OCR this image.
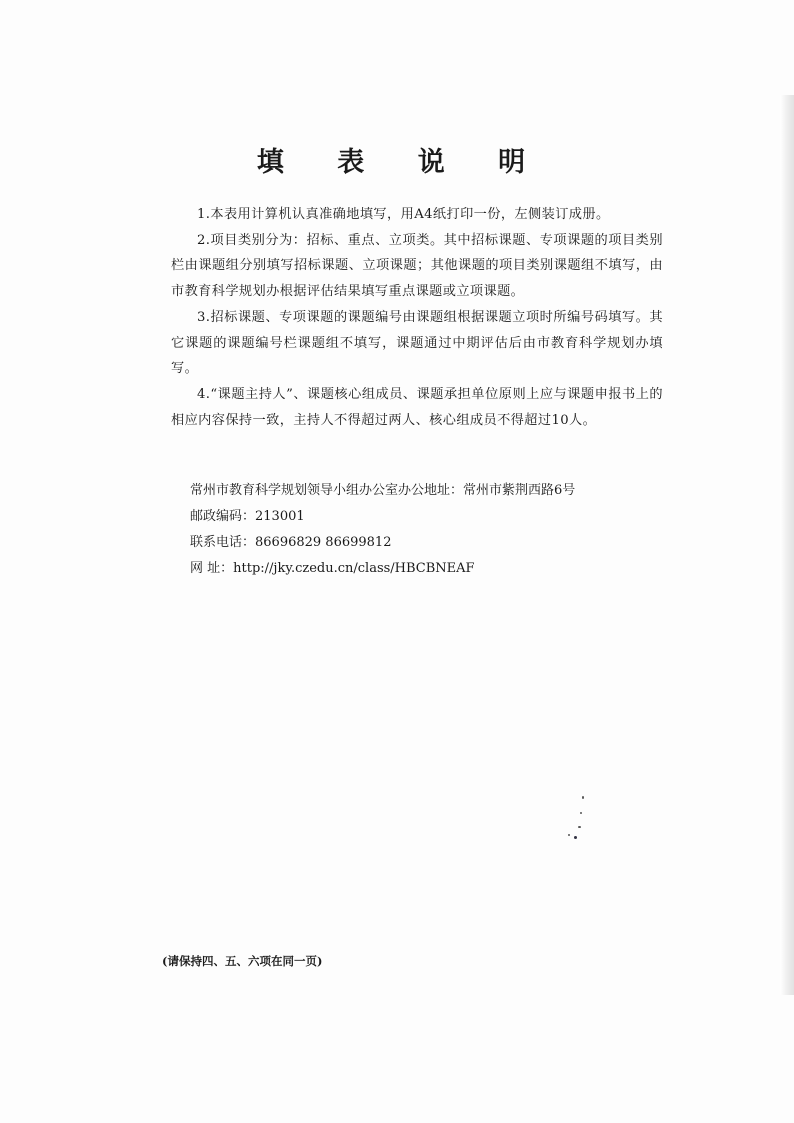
填 表 说 明

1.本表用计算机认真准确地填写，用A4纸打印一份，左侧装订成册。

2.项目类别分为：招标、重点、立项类。其中招标课题、专项课题的项目类别栏由课题组分别填写招标课题、立项课题；其他课题的项目类别课题组不填写，由市教育科学规划办根据评估结果填写重点课题或立项课题。

3.招标课题、专项课题的课题编号由课题组根据课题立项时所编号码填写。其它课题的课题编号栏课题组不填写，课题通过中期评估后由市教育科学规划办填写。

4.“课题主持人”、课题核心组成员、课题承担单位原则上应与课题申报书上的相应内容保持一致，主持人不得超过两人、核心组成员不得超过10人。

常州市教育科学规划领导小组办公室办公地址：常州市紫荆西路6号
邮政编码：213001
联系电话：86696829 86699812
网 址：http://jky.czedu.cn/class/HBCBNEAF
(请保持四、五、六项在同一页)
